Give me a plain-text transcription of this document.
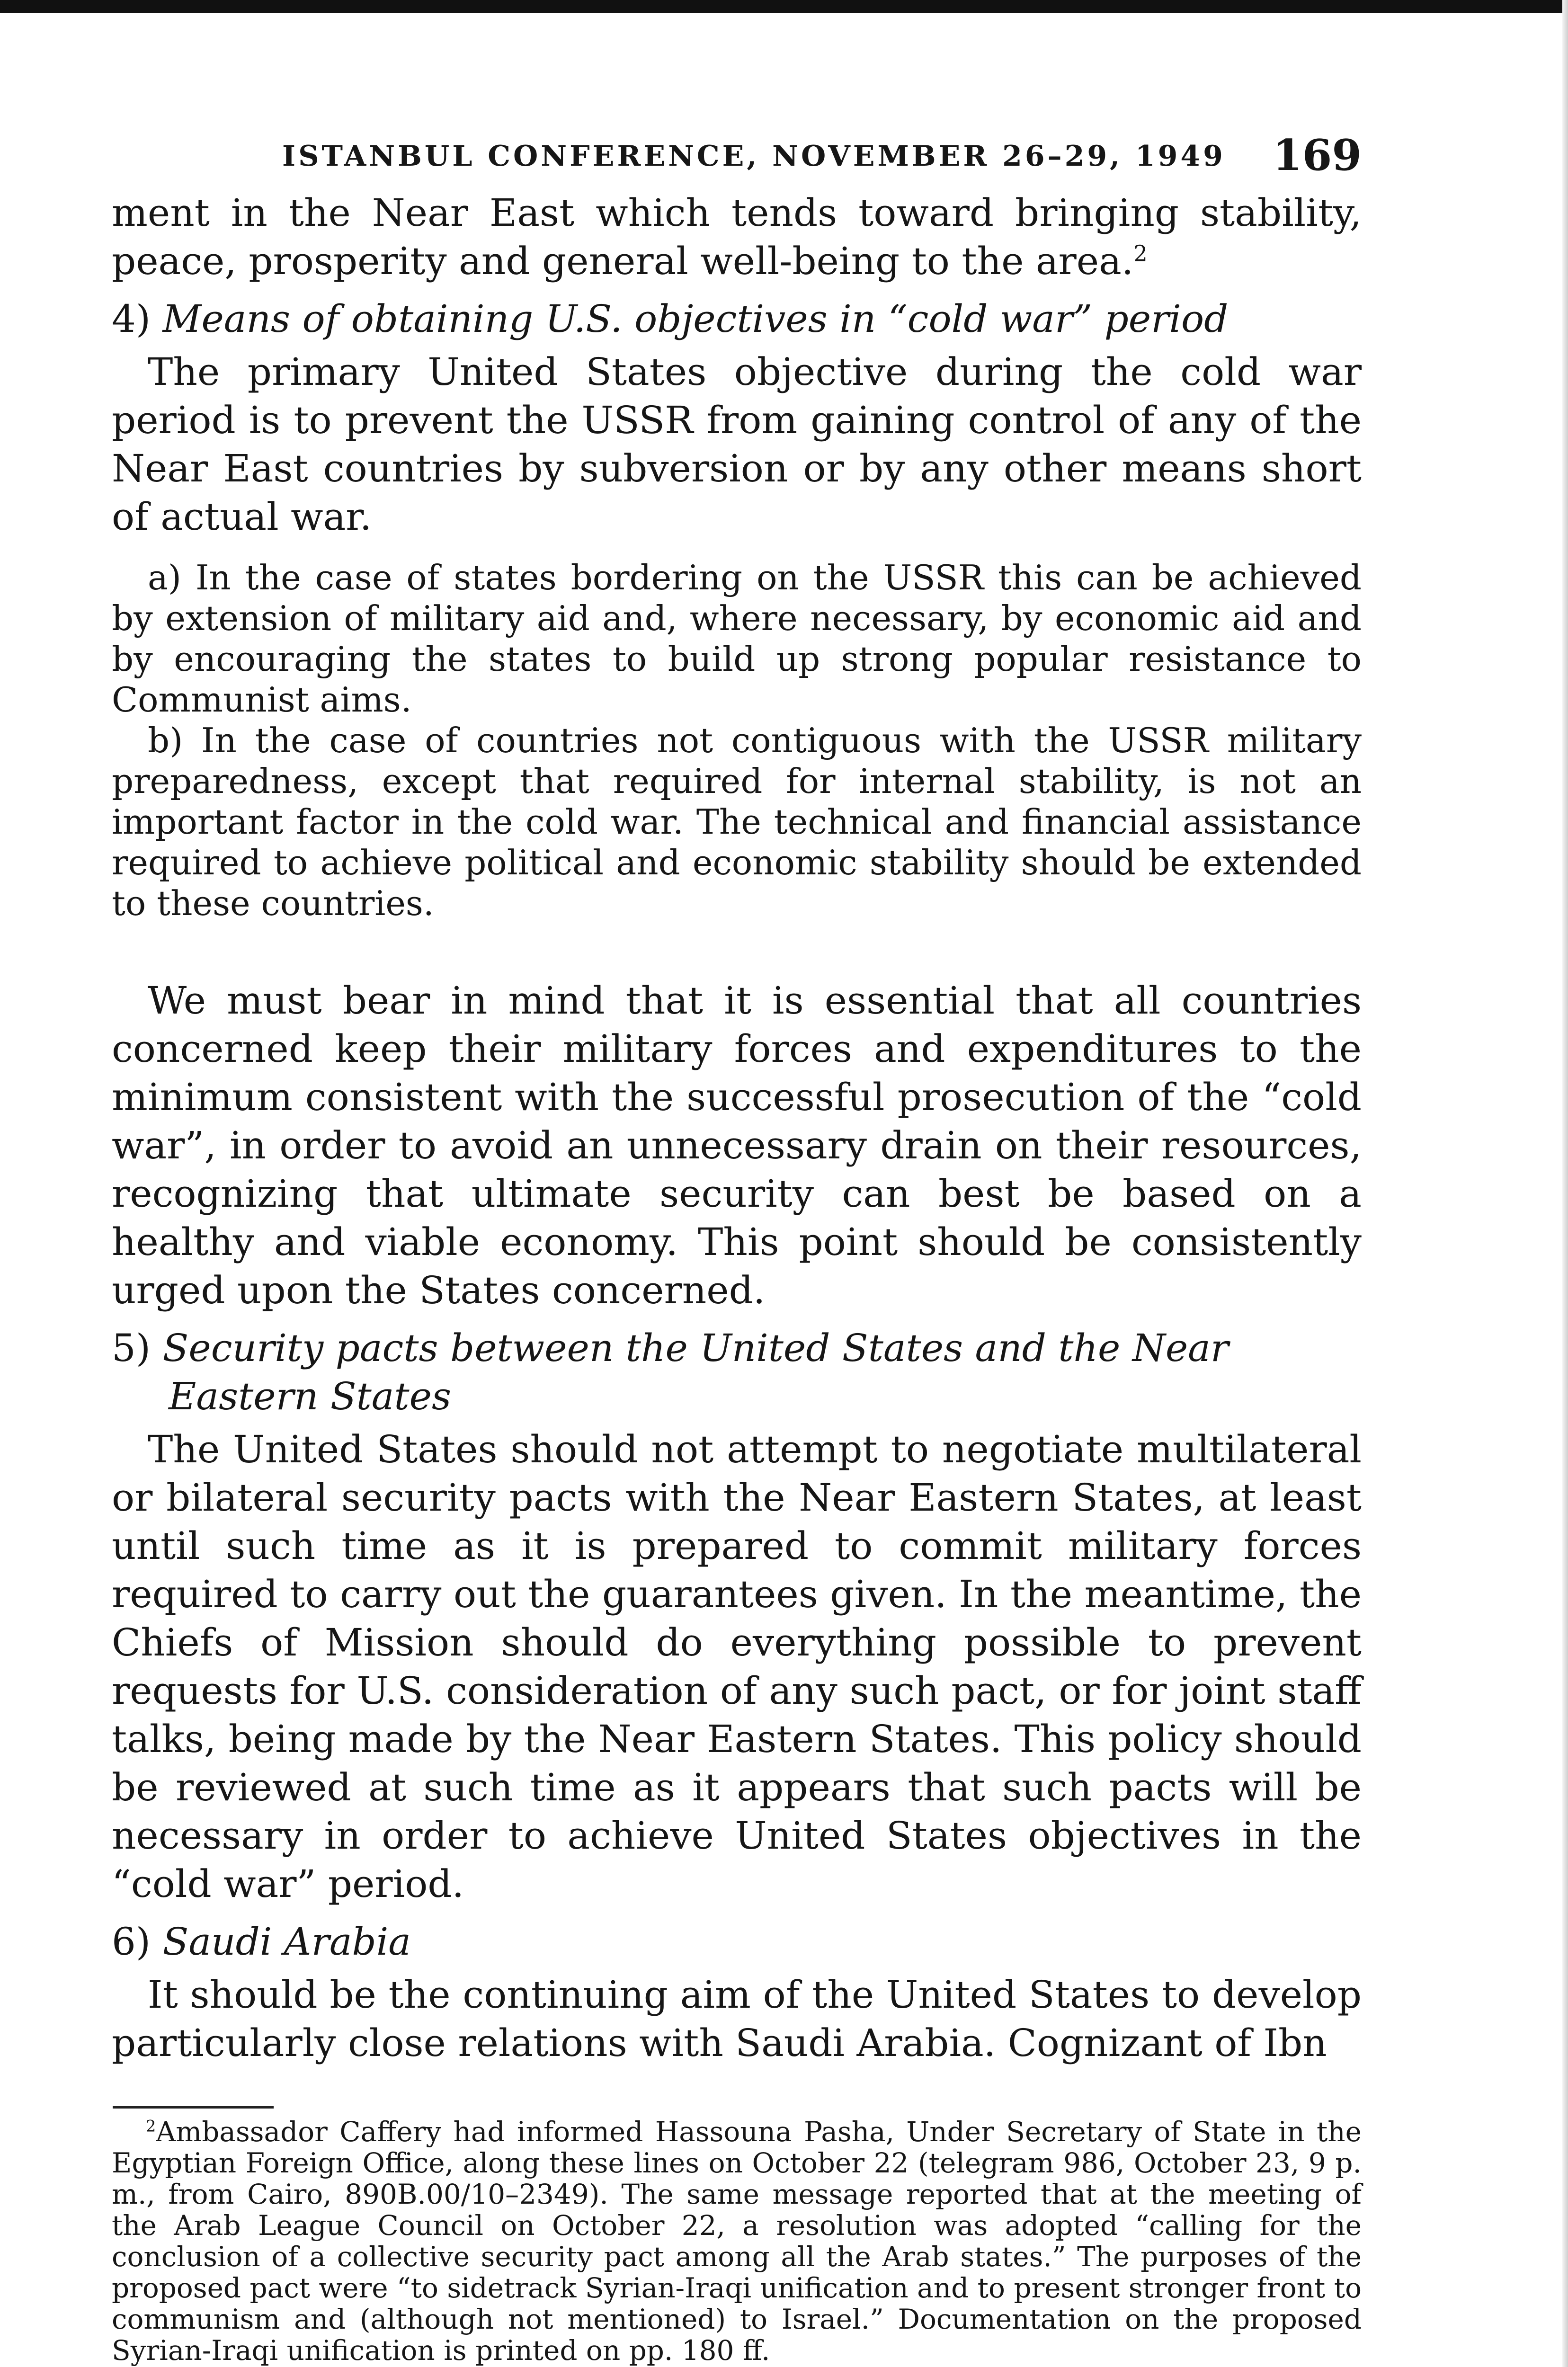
ISTANBUL CONFERENCE, NOVEMBER 26–29, 1949 169

ment in the Near East which tends toward bringing stability, peace, prosperity and general well-being to the area.$^2$

4) Means of obtaining U.S. objectives in “cold war” period

The primary United States objective during the cold war period is to prevent the USSR from gaining control of any of the Near East countries by subversion or by any other means short of actual war.

a) In the case of states bordering on the USSR this can be achieved by extension of military aid and, where necessary, by economic aid and by encouraging the states to build up strong popular resistance to Communist aims.

b) In the case of countries not contiguous with the USSR military preparedness, except that required for internal stability, is not an important factor in the cold war. The technical and financial assistance required to achieve political and economic stability should be extended to these countries.

We must bear in mind that it is essential that all countries concerned keep their military forces and expenditures to the minimum consistent with the successful prosecution of the “cold war”, in order to avoid an unnecessary drain on their resources, recognizing that ultimate security can best be based on a healthy and viable economy. This point should be consistently urged upon the States concerned.

5) Security pacts between the United States and the Near Eastern States

The United States should not attempt to negotiate multilateral or bilateral security pacts with the Near Eastern States, at least until such time as it is prepared to commit military forces required to carry out the guarantees given. In the meantime, the Chiefs of Mission should do everything possible to prevent requests for U.S. consideration of any such pact, or for joint staff talks, being made by the Near Eastern States. This policy should be reviewed at such time as it appears that such pacts will be necessary in order to achieve United States objectives in the “cold war” period.

6) Saudi Arabia

It should be the continuing aim of the United States to develop particularly close relations with Saudi Arabia. Cognizant of Ibn

$^2$Ambassador Caffery had informed Hassouna Pasha, Under Secretary of State in the Egyptian Foreign Office, along these lines on October 22 (telegram 986, October 23, 9 p. m., from Cairo, 890B.00/10–2349). The same message reported that at the meeting of the Arab League Council on October 22, a resolution was adopted “calling for the conclusion of a collective security pact among all the Arab states.” The purposes of the proposed pact were “to sidetrack Syrian-Iraqi unification and to present stronger front to communism and (although not mentioned) to Israel.” Documentation on the proposed Syrian-Iraqi unification is printed on pp. 180 ff.
